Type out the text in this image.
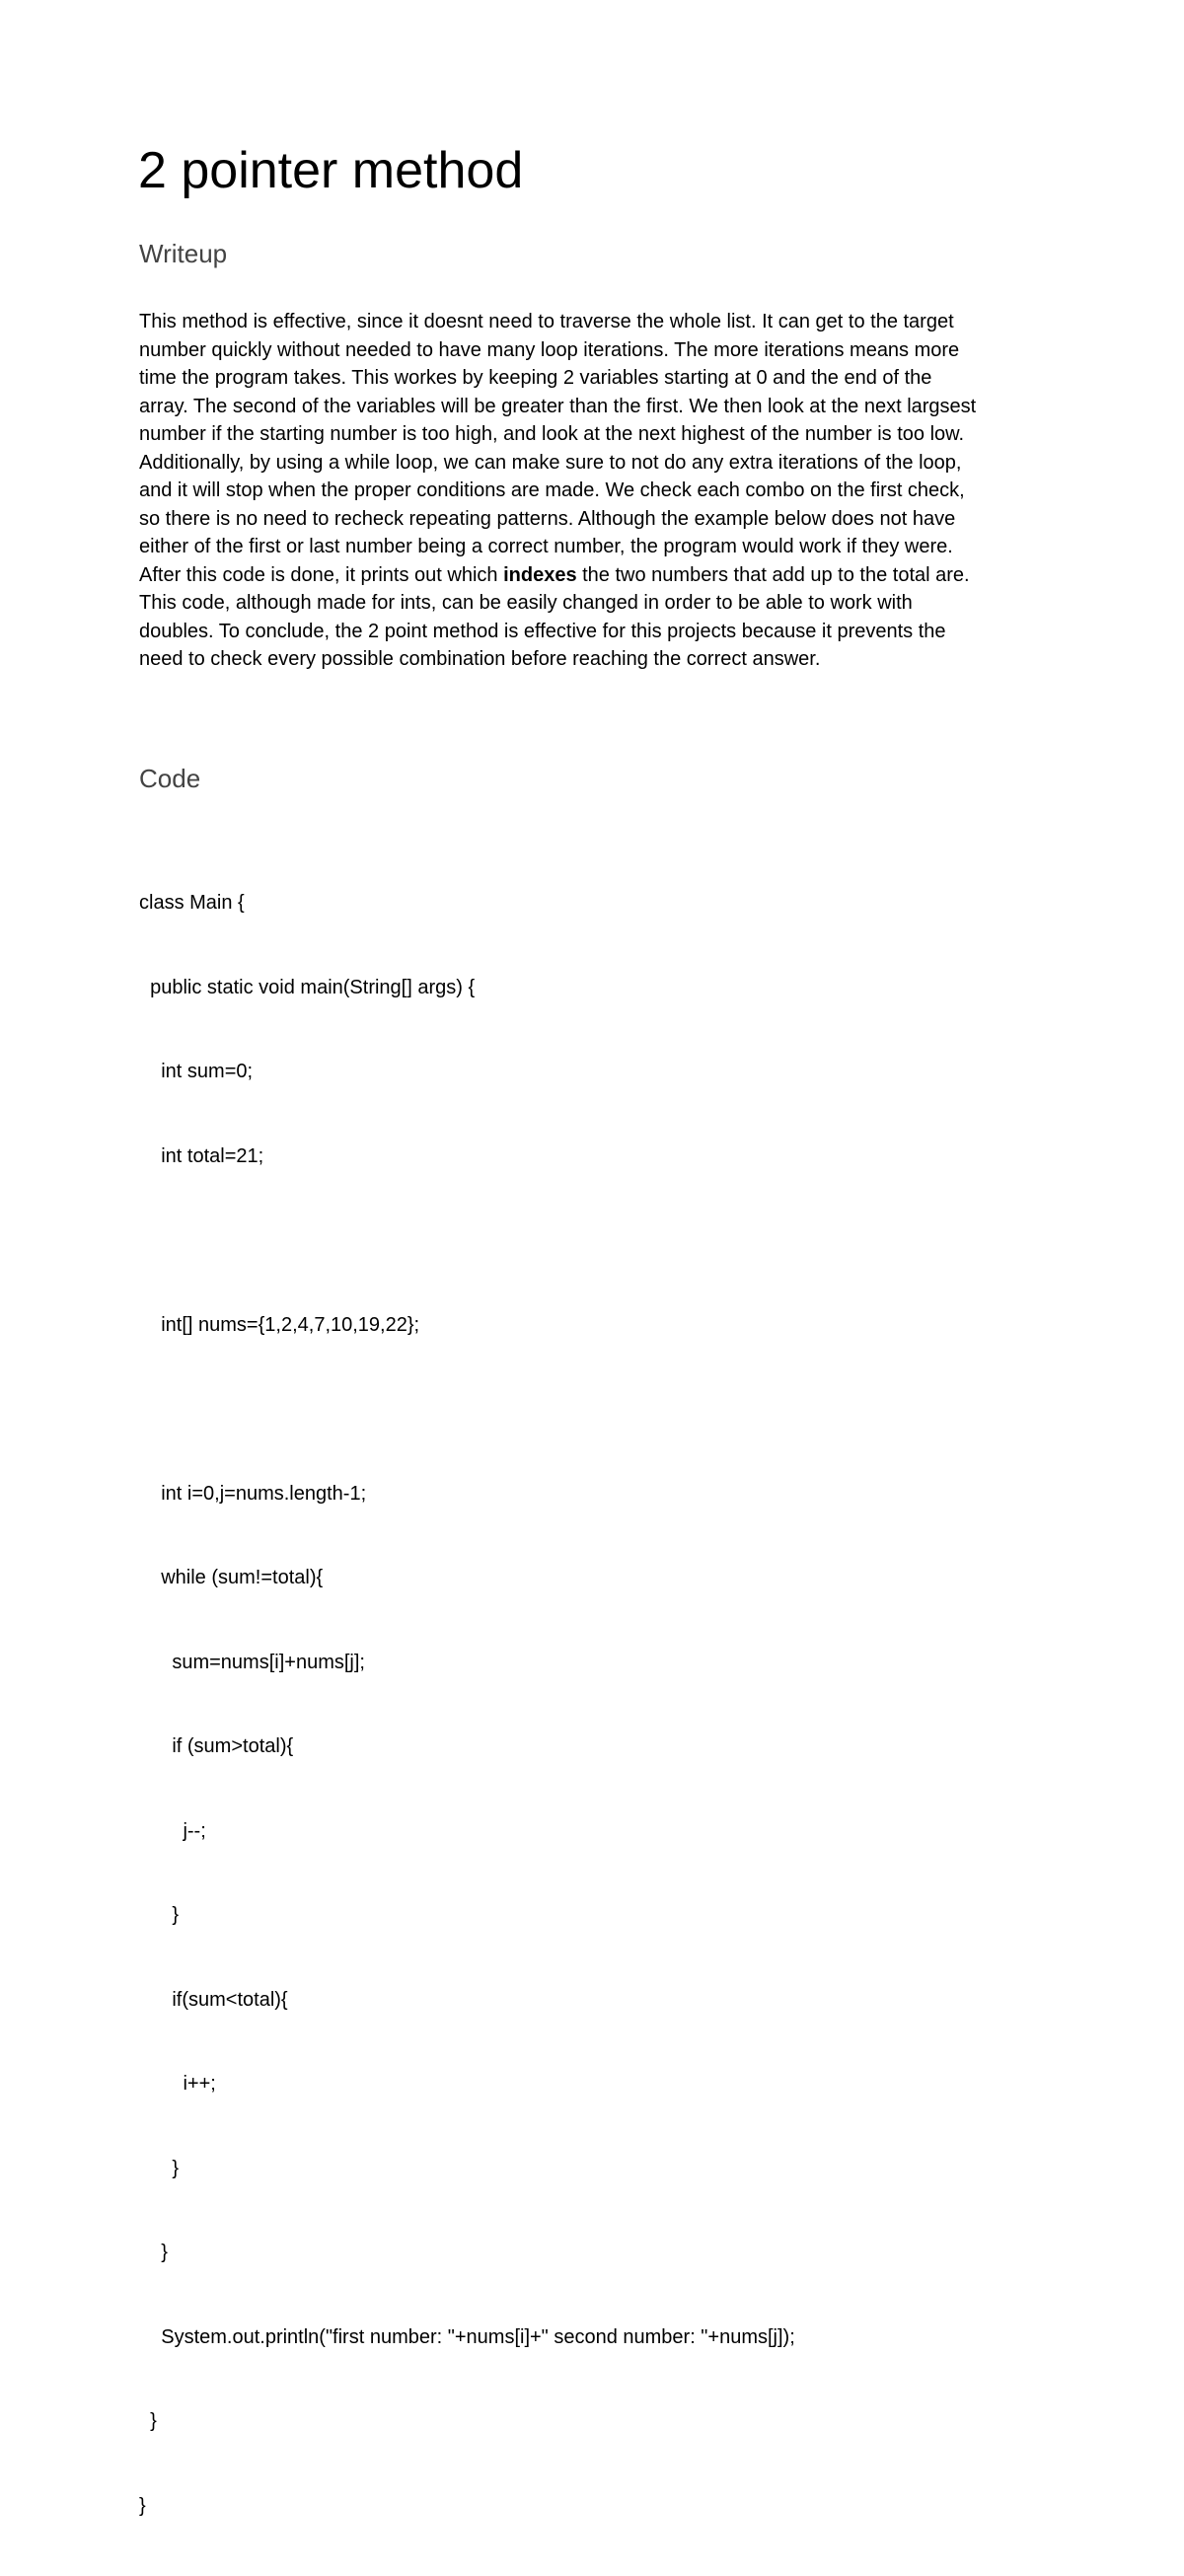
2 pointer method
Writeup
This method is effective, since it doesnt need to traverse the whole list. It can get to the target
number quickly without needed to have many loop iterations. The more iterations means more
time the program takes. This workes by keeping 2 variables starting at 0 and the end of the
array. The second of the variables will be greater than the first. We then look at the next largsest
number if the starting number is too high, and look at the next highest of the number is too low.
Additionally, by using a while loop, we can make sure to not do any extra iterations of the loop,
and it will stop when the proper conditions are made. We check each combo on the first check,
so there is no need to recheck repeating patterns. Although the example below does not have
either of the first or last number being a correct number, the program would work if they were.
After this code is done, it prints out which indexes the two numbers that add up to the total are.
This code, although made for ints, can be easily changed in order to be able to work with
doubles. To conclude, the 2 point method is effective for this projects because it prevents the
need to check every possible combination before reaching the correct answer.
Code

class Main {

public static void main(String[] args) {

int sum=0;

int total=21;

int[] nums={1,2,4,7,10,19,22};

int i=0,j=nums.length-1;

while (sum!=total){

sum=nums[i]+nums[j];

if (sum>total){

j--;

}

if(sum<total){

i++;

}

}

System.out.println("first number: "+nums[i]+" second number: "+nums[j]);

}

}
